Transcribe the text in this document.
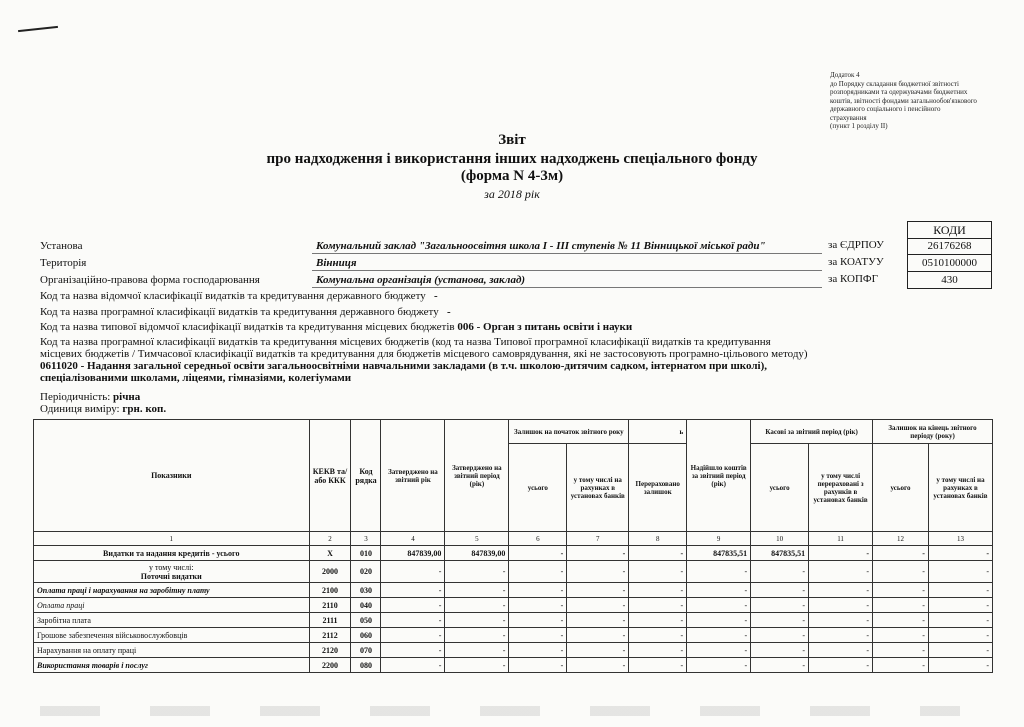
Додаток 4
до Порядку складання бюджетної звітності
розпорядниками та одержувачами бюджетних
коштів, звітності фондами загальнообов'язкового
державного соціального і пенсійного
страхування
(пункт 1 розділу II)
Звіт
про надходження і використання інших надходжень спеціального фонду
(форма N 4-3м)
за 2018 рік
Установа	Комунальний заклад "Загальноосвітня школа І - ІІІ ступенів № 11 Вінницької міської ради"
Територія	Вінниця
Організаційно-правова форма господарювання	Комунальна організація (установа, заклад)
КОДИ
за ЄДРПОУ	26176268
за КОАТУУ	0510100000
за КОПФГ	430
Код та назва відомчої класифікації видатків та кредитування державного бюджету -
Код та назва програмної класифікації видатків та кредитування державного бюджету -
Код та назва типової відомчої класифікації видатків та кредитування місцевих бюджетів 006 - Орган з питань освіти і науки
Код та назва програмної класифікації видатків та кредитування місцевих бюджетів (код та назва Типової програмної класифікації видатків та кредитування
місцевих бюджетів / Тимчасової класифікації видатків та кредитування для бюджетів місцевого самоврядування, які не застосовують програмно-цільового методу)
0611020 - Надання загальної середньої освіти загальноосвітніми навчальними закладами (в т.ч. школою-дитячим садком, інтернатом при школі),
спеціалізованими школами, ліцеями, гімназіями, колегіумами
Періодичність: річна
Одиниця виміру: грн. коп.
Показники	КЕКВ та/або ККК	Код рядка	Затверджено на звітний рік	Затверджено на звітний період (рік)	Залишок на початок звітного року		ь	Надійшло коштів за звітний період (рік)	Касові за звітний період (рік)		Залишок на кінець звітного періоду (року)	
					усього	у тому числі на рахунках в установах банків	Перераховано залишок		усього	у тому числі перераховані з рахунків в установах банків	усього	у тому числі на рахунках в установах банків
1	2	3	4	5	6	7	8	9	10	11	12	13

Видатки та надання кредитів - усього	X	010	847839,00	847839,00	-	-	-	847835,51	847835,51	-	-	-

у тому числі:
Поточні видатки	2000	020	-	-	-	-	-	-	-	-	-	-

Оплата праці і нарахування на заробітну плату	2100	030	-	-	-	-	-	-	-	-	-	-

Оплата праці	2110	040	-	-	-	-	-	-	-	-	-	-

Заробітна плата	2111	050	-	-	-	-	-	-	-	-	-	-

Грошове забезпечення військовослужбовців	2112	060	-	-	-	-	-	-	-	-	-	-

Нарахування на оплату праці	2120	070	-	-	-	-	-	-	-	-	-	-

Використання товарів і послуг	2200	080	-	-	-	-	-	-	-	-	-	-
